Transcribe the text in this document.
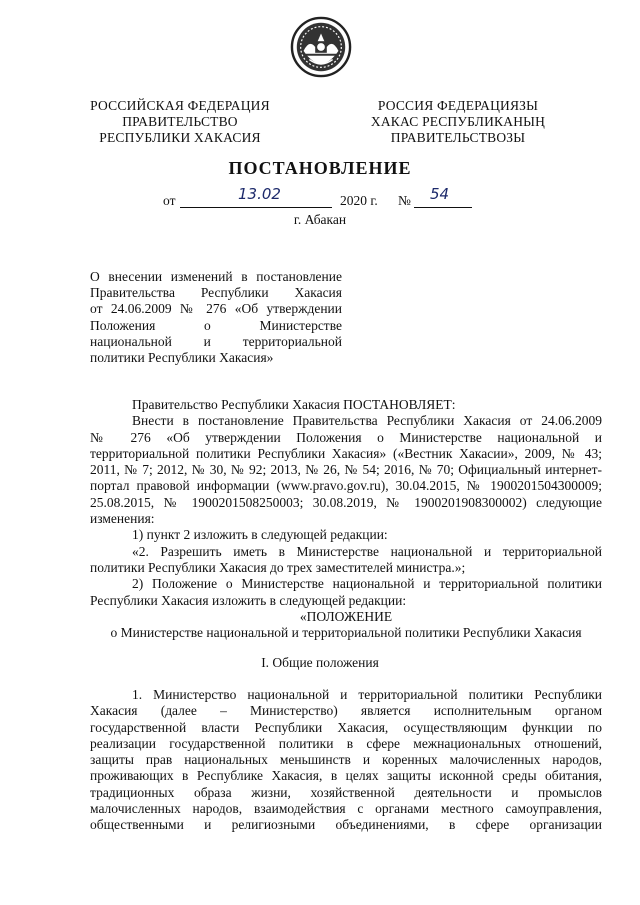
РОССИЙСКАЯ ФЕДЕРАЦИЯ
ПРАВИТЕЛЬСТВО
РЕСПУБЛИКИ ХАКАСИЯ
РОССИЯ ФЕДЕРАЦИЯЗЫ
ХАКАС РЕСПУБЛИКАНЫҢ
ПРАВИТЕЛЬСТВОЗЫ
ПОСТАНОВЛЕНИЕ
от	13.02	2020 г. № 54
г. Абакан
О внесении изменений в постановление
Правительства Республики Хакасия
от 24.06.2009 № 276 «Об утверждении
Положения о Министерстве
национальной и территориальной
политики Республики Хакасия»
Правительство Республики Хакасия ПОСТАНОВЛЯЕТ:
Внести в постановление Правительства Республики Хакасия от 24.06.2009
№ 276 «Об утверждении Положения о Министерстве национальной и
территориальной политики Республики Хакасия» («Вестник Хакасии», 2009, № 43;
2011, № 7; 2012, № 30, № 92; 2013, № 26, № 54; 2016, № 70; Официальный интернет-
портал правовой информации (www.pravo.gov.ru), 30.04.2015, № 1900201504300009;
25.08.2015, № 1900201508250003; 30.08.2019, № 1900201908300002) следующие
изменения:
1) пункт 2 изложить в следующей редакции:
«2. Разрешить иметь в Министерстве национальной и территориальной
политики Республики Хакасия до трех заместителей министра.»;
2) Положение о Министерстве национальной и территориальной политики
Республики Хакасия изложить в следующей редакции:
«ПОЛОЖЕНИЕ
о Министерстве национальной и территориальной политики Республики Хакасия
I. Общие положения
1. Министерство национальной и территориальной политики Республики
Хакасия (далее – Министерство) является исполнительным органом
государственной власти Республики Хакасия, осуществляющим функции по
реализации государственной политики в сфере межнациональных отношений,
защиты прав национальных меньшинств и коренных малочисленных народов,
проживающих в Республике Хакасия, в целях защиты исконной среды обитания,
традиционных образа жизни, хозяйственной деятельности и промыслов
малочисленных народов, взаимодействия с органами местного самоуправления,
общественными и религиозными объединениями, в сфере организации
